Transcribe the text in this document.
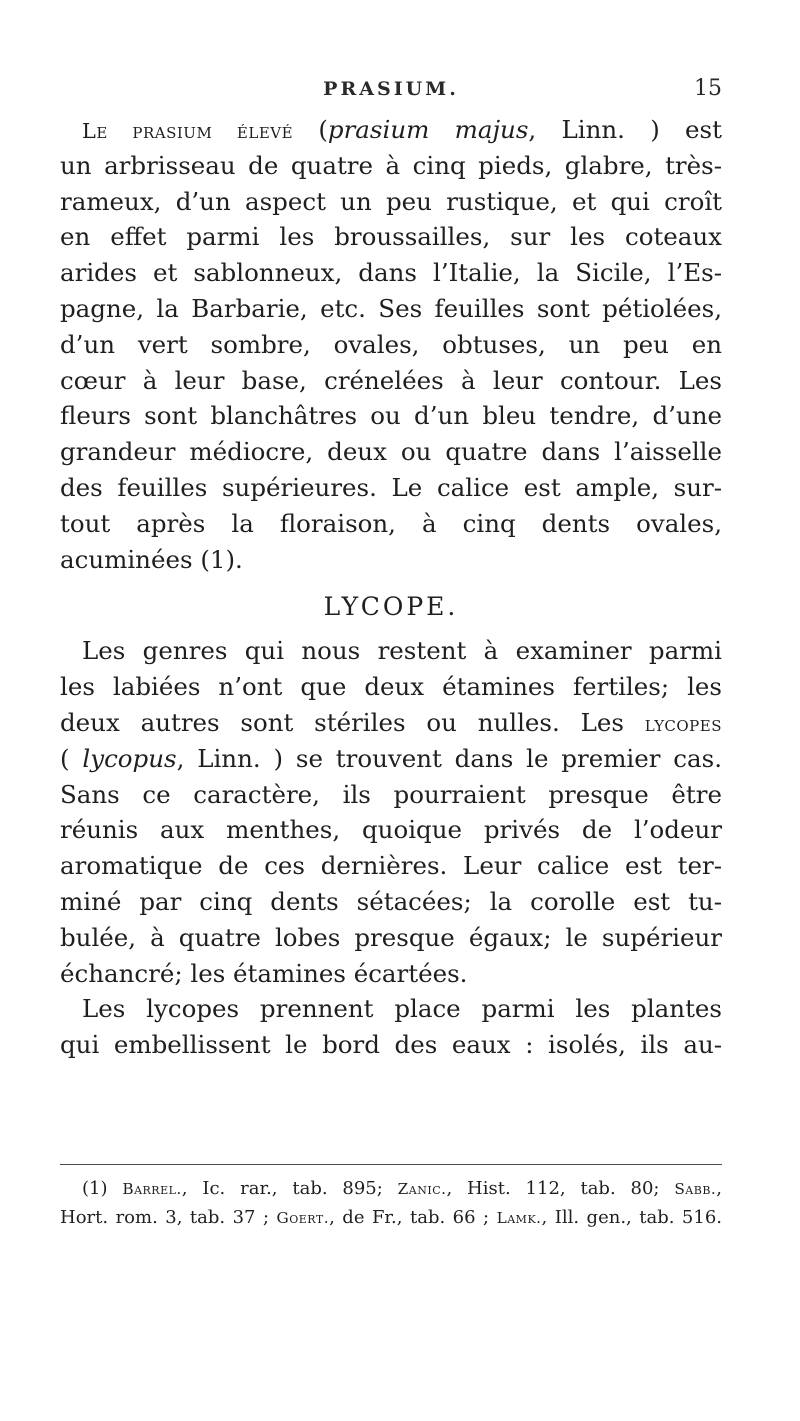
PRASIUM.	15
Le prasium élevé (prasium majus, Linn. ) est
un arbrisseau de quatre à cinq pieds, glabre, très-
rameux, d’un aspect un peu rustique, et qui croît
en effet parmi les broussailles, sur les coteaux
arides et sablonneux, dans l’Italie, la Sicile, l’Es-
pagne, la Barbarie, etc. Ses feuilles sont pétiolées,
d’un vert sombre, ovales, obtuses, un peu en
cœur à leur base, crénelées à leur contour. Les
fleurs sont blanchâtres ou d’un bleu tendre, d’une
grandeur médiocre, deux ou quatre dans l’aisselle
des feuilles supérieures. Le calice est ample, sur-
tout après la floraison, à cinq dents ovales,
acuminées (1).
LYCOPE.
Les genres qui nous restent à examiner parmi
les labiées n’ont que deux étamines fertiles; les
deux autres sont stériles ou nulles. Les lycopes
( lycopus, Linn. ) se trouvent dans le premier cas.
Sans ce caractère, ils pourraient presque être
réunis aux menthes, quoique privés de l’odeur
aromatique de ces dernières. Leur calice est ter-
miné par cinq dents sétacées; la corolle est tu-
bulée, à quatre lobes presque égaux; le supérieur
échancré; les étamines écartées.
Les lycopes prennent place parmi les plantes
qui embellissent le bord des eaux : isolés, ils au-
(1) Barrel., Ic. rar., tab. 895; Zanic., Hist. 112, tab. 80; Sabb.,
Hort. rom. 3, tab. 37 ; Goert., de Fr., tab. 66 ; Lamk., Ill. gen., tab. 516.
